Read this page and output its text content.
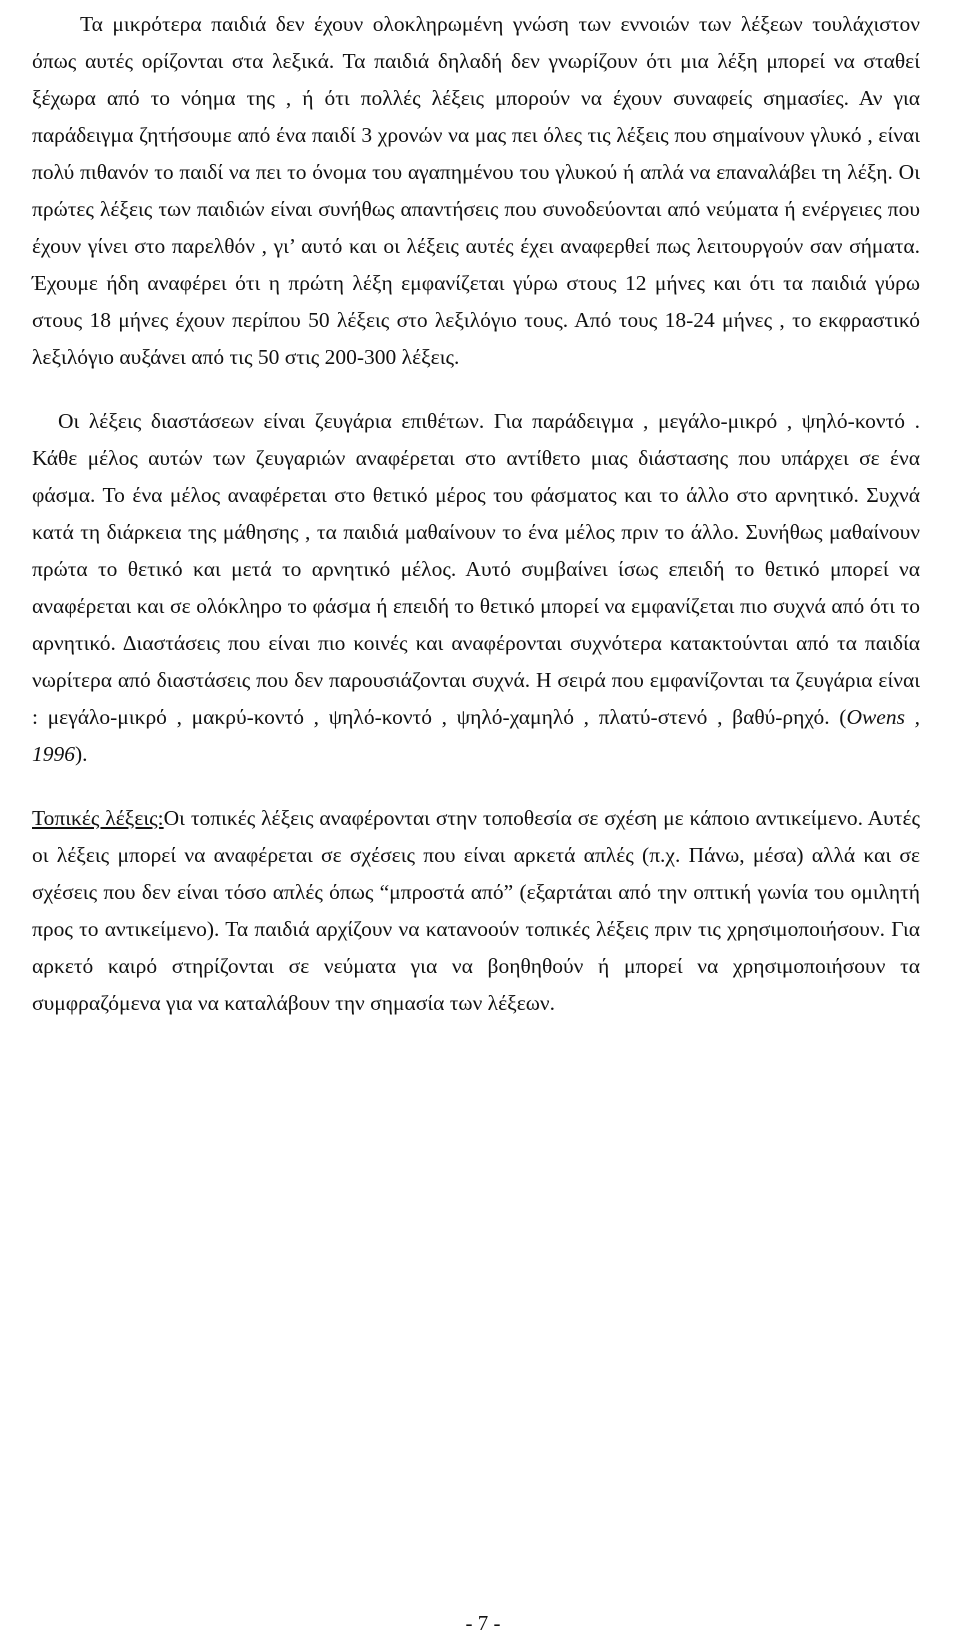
Τα μικρότερα παιδιά δεν έχουν ολοκληρωμένη γνώση των εννοιών των λέξεων τουλάχιστον όπως αυτές ορίζονται στα λεξικά. Τα παιδιά δηλαδή δεν γνωρίζουν ότι μια λέξη μπορεί να σταθεί ξέχωρα από το νόημα της , ή ότι πολλές λέξεις μπορούν να έχουν συναφείς σημασίες. Αν για παράδειγμα ζητήσουμε από ένα παιδί 3 χρονών να μας πει όλες τις λέξεις που σημαίνουν γλυκό , είναι πολύ πιθανόν το παιδί να πει το όνομα του αγαπημένου του γλυκού ή απλά να επαναλάβει τη λέξη. Οι πρώτες λέξεις των παιδιών είναι συνήθως απαντήσεις που συνοδεύονται από νεύματα ή ενέργειες που έχουν γίνει στο παρελθόν , γι’ αυτό και οι λέξεις αυτές έχει αναφερθεί πως λειτουργούν σαν σήματα. Έχουμε ήδη αναφέρει ότι η πρώτη λέξη εμφανίζεται γύρω στους 12 μήνες και ότι τα παιδιά γύρω στους 18 μήνες έχουν περίπου 50 λέξεις στο λεξιλόγιο τους. Από τους 18-24 μήνες , το εκφραστικό λεξιλόγιο αυξάνει από τις 50 στις 200-300 λέξεις.

Οι λέξεις διαστάσεων είναι ζευγάρια επιθέτων. Για παράδειγμα , μεγάλο-μικρό , ψηλό-κοντό . Κάθε μέλος αυτών των ζευγαριών αναφέρεται στο αντίθετο μιας διάστασης που υπάρχει σε ένα φάσμα. Το ένα μέλος αναφέρεται στο θετικό μέρος του φάσματος και το άλλο στο αρνητικό. Συχνά κατά τη διάρκεια της μάθησης , τα παιδιά μαθαίνουν το ένα μέλος πριν το άλλο. Συνήθως μαθαίνουν πρώτα το θετικό και μετά το αρνητικό μέλος. Αυτό συμβαίνει ίσως επειδή το θετικό μπορεί να αναφέρεται και σε ολόκληρο το φάσμα ή επειδή το θετικό μπορεί να εμφανίζεται πιο συχνά από ότι το αρνητικό. Διαστάσεις που είναι πιο κοινές και αναφέρονται συχνότερα κατακτούνται από τα παιδία νωρίτερα από διαστάσεις που δεν παρουσιάζονται συχνά. Η σειρά που εμφανίζονται τα ζευγάρια είναι : μεγάλο-μικρό , μακρύ-κοντό , ψηλό-κοντό , ψηλό-χαμηλό , πλατύ-στενό , βαθύ-ρηχό. (Owens , 1996).

Τοπικές λέξεις:Οι τοπικές λέξεις αναφέρονται στην τοποθεσία σε σχέση με κάποιο αντικείμενο. Αυτές οι λέξεις μπορεί να αναφέρεται σε σχέσεις που είναι αρκετά απλές (π.χ. Πάνω, μέσα) αλλά και σε σχέσεις που δεν είναι τόσο απλές όπως “μπροστά από” (εξαρτάται από την οπτική γωνία του ομιλητή προς το αντικείμενο). Τα παιδιά αρχίζουν να κατανοούν τοπικές λέξεις πριν τις χρησιμοποιήσουν. Για αρκετό καιρό στηρίζονται σε νεύματα για να βοηθηθούν ή μπορεί να χρησιμοποιήσουν τα συμφραζόμενα για να καταλάβουν την σημασία των λέξεων.

- 7 -
